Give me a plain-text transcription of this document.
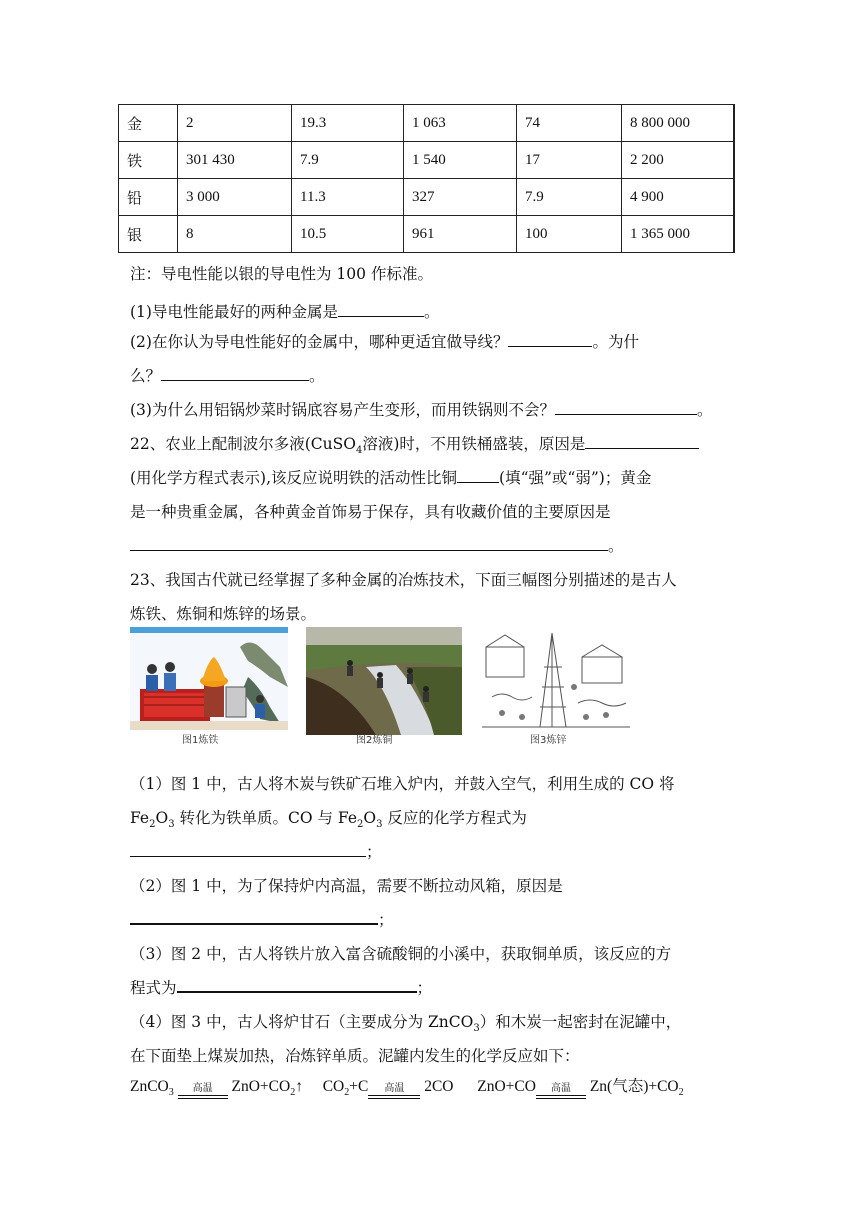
金	2	19.3	1 063	74	8 800 000
铁	301 430	7.9	1 540	17	2 200
铅	3 000	11.3	327	7.9	4 900
银	8	10.5	961	100	1 365 000
注：导电性能以银的导电性为 100 作标准。
(1)导电性能最好的两种金属是	。
(2)在你认为导电性能好的金属中，哪种更适宜做导线？	。为什
么？	。
(3)为什么用铝锅炒菜时锅底容易产生变形，而用铁锅则不会？	。
22、农业上配制波尔多液(CuSO$_4$溶液)时，不用铁桶盛装，原因是
(用化学方程式表示),该反应说明铁的活动性比铜	(填“强”或“弱”)；黄金
是一种贵重金属，各种黄金首饰易于保存，具有收藏价值的主要原因是
。
23、我国古代就已经掌握了多种金属的冶炼技术，下面三幅图分别描述的是古人
炼铁、炼铜和炼锌的场景。
图1炼铁	图2炼铜	图3炼锌
（1）图 1 中，古人将木炭与铁矿石堆入炉内，并鼓入空气，利用生成的 CO 将
$Fe_2O_3$ 转化为铁单质。CO 与 $Fe_2O_3$ 反应的化学方程式为
；
（2）图 1 中，为了保持炉内高温，需要不断拉动风箱，原因是
；
（3）图 2 中，古人将铁片放入富含硫酸铜的小溪中，获取铜单质，该反应的方
程式为	；
（4）图 3 中，古人将炉甘石（主要成分为 ZnCO$_3$）和木炭一起密封在泥罐中，
在下面垫上煤炭加热，冶炼锌单质。泥罐内发生的化学反应如下：
ZnCO$_3$	高温 $ZnO+CO_2↑$ $CO_2+C$	高温	2CO ZnO+CO	高温 Zn(气态)$+CO_2$
